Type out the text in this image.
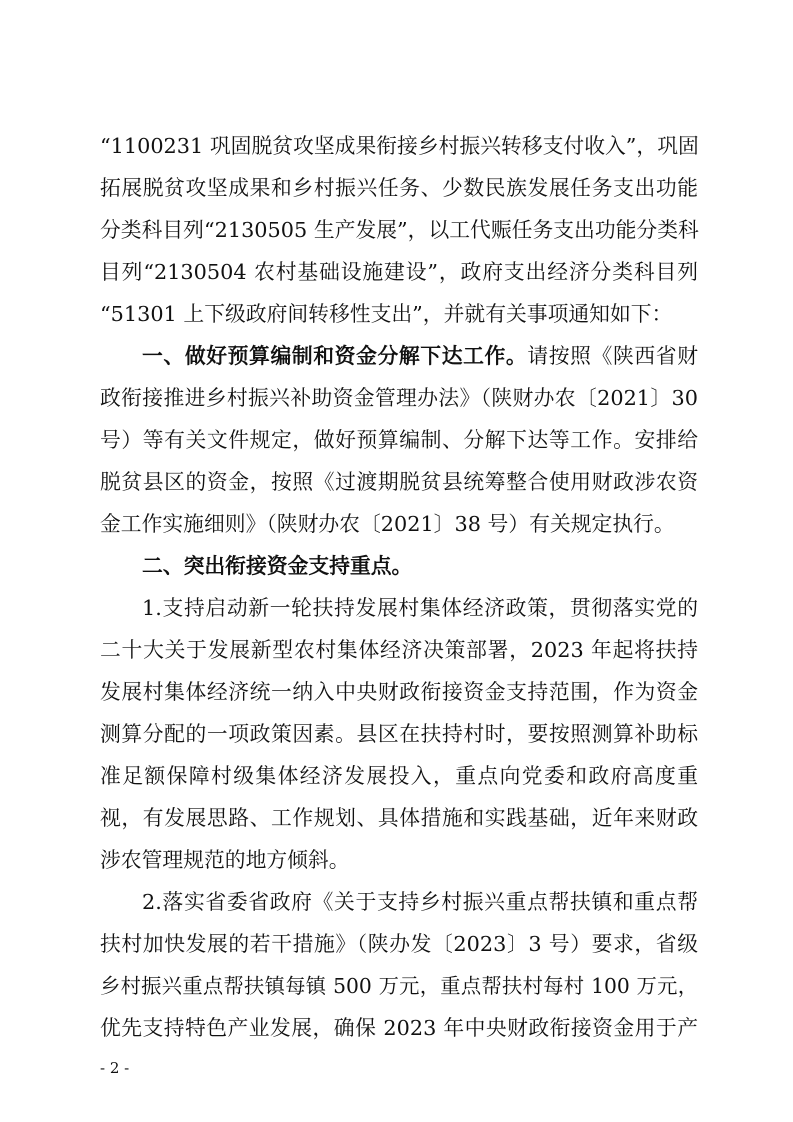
“1100231 巩固脱贫攻坚成果衔接乡村振兴转移支付收入”，巩固
拓展脱贫攻坚成果和乡村振兴任务、少数民族发展任务支出功能
分类科目列“2130505 生产发展”，以工代赈任务支出功能分类科
目列“2130504 农村基础设施建设”，政府支出经济分类科目列
“51301 上下级政府间转移性支出”，并就有关事项通知如下：
一、做好预算编制和资金分解下达工作。请按照《陕西省财
政衔接推进乡村振兴补助资金管理办法》（陕财办农〔2021〕30
号）等有关文件规定，做好预算编制、分解下达等工作。安排给
脱贫县区的资金，按照《过渡期脱贫县统筹整合使用财政涉农资
金工作实施细则》（陕财办农〔2021〕38 号）有关规定执行。
二、突出衔接资金支持重点。
1.支持启动新一轮扶持发展村集体经济政策，贯彻落实党的
二十大关于发展新型农村集体经济决策部署，2023 年起将扶持
发展村集体经济统一纳入中央财政衔接资金支持范围，作为资金
测算分配的一项政策因素。县区在扶持村时，要按照测算补助标
准足额保障村级集体经济发展投入，重点向党委和政府高度重
视，有发展思路、工作规划、具体措施和实践基础，近年来财政
涉农管理规范的地方倾斜。
2.落实省委省政府《关于支持乡村振兴重点帮扶镇和重点帮
扶村加快发展的若干措施》（陕办发〔2023〕3 号）要求，省级
乡村振兴重点帮扶镇每镇 500 万元，重点帮扶村每村 100 万元，
优先支持特色产业发展，确保 2023 年中央财政衔接资金用于产
- 2 -
